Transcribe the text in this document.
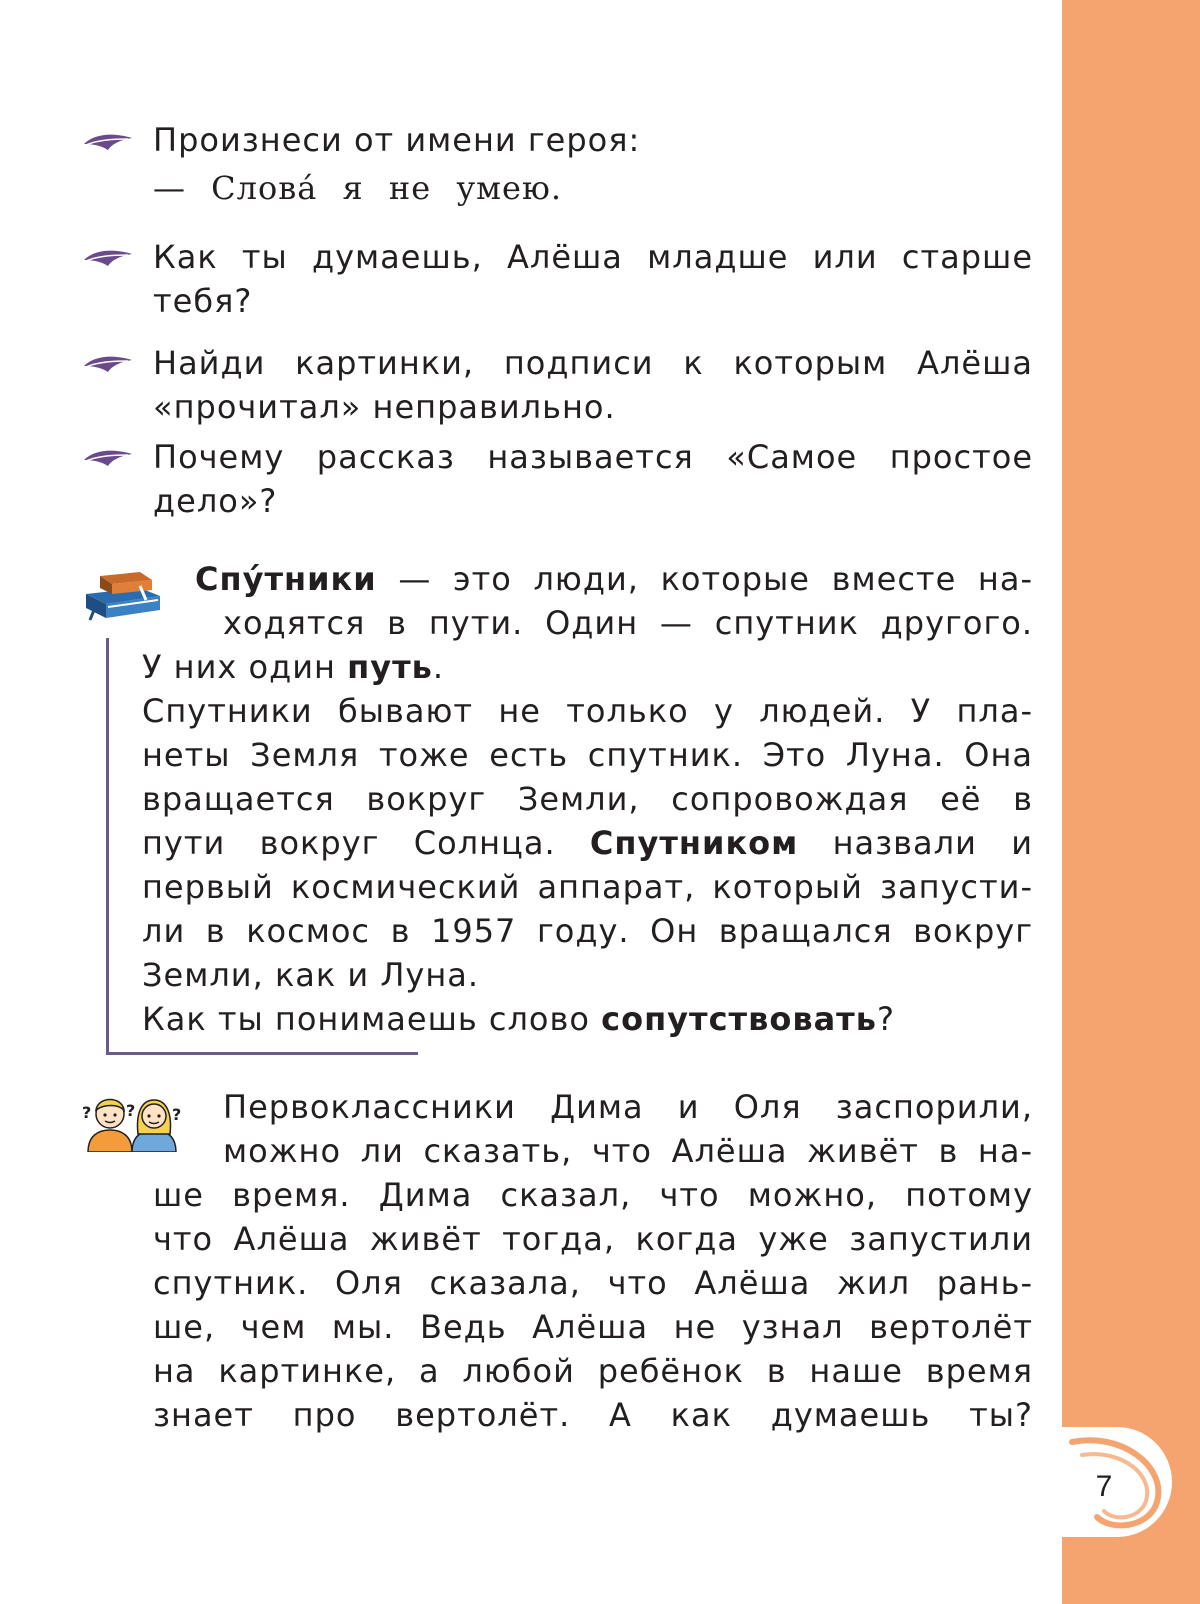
7
Произнеси от имени героя:
— Слова́ я не умею.
Как ты думаешь, Алёша младше или старше
тебя?
Найди картинки, подписи к которым Алёша
«прочитал» неправильно.
Почему рассказ называется «Самое простое
дело»?
Спу́тники — это люди, которые вместе на-
ходятся в пути. Один — спутник другого.
У них один путь.
Спутники бывают не только у людей. У пла-
неты Земля тоже есть спутник. Это Луна. Она
вращается вокруг Земли, сопровождая её в
пути вокруг Солнца. Спутником назвали и
первый космический аппарат, который запусти-
ли в космос в 1957 году. Он вращался вокруг
Земли, как и Луна.
Как ты понимаешь слово сопутствовать?
? ? ? Первоклассники Дима и Оля заспорили,
можно ли сказать, что Алёша живёт в на-
ше время. Дима сказал, что можно, потому
что Алёша живёт тогда, когда уже запустили
спутник. Оля сказала, что Алёша жил рань-
ше, чем мы. Ведь Алёша не узнал вертолёт
на картинке, а любой ребёнок в наше время
знает про вертолёт. А как думаешь ты?
